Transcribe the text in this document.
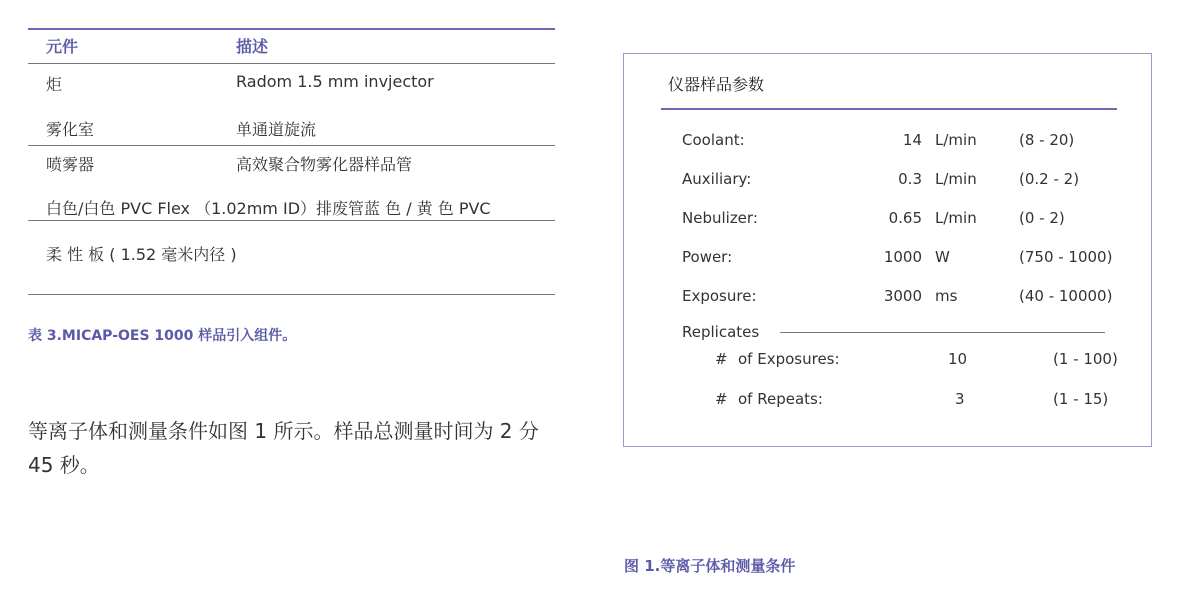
元件	描述
炬	Radom 1.5 mm invjector
雾化室	单通道旋流
喷雾器	高效聚合物雾化器样品管
白色/白色 PVC Flex （1.02mm ID）排废管蓝 色 / 黄 色 PVC
柔 性 板 ( 1.52 毫米内径 )
表 3.MICAP-OES 1000 样品引入组件。
等离子体和测量条件如图 1 所示。样品总测量时间为 2 分 45 秒。
仪器样品参数
Coolant:	14 L/min	(8 - 20)
Auxiliary:	0.3 L/min	(0.2 - 2)
Nebulizer:	0.65 L/min	(0 - 2)
Power:	1000 W	(750 - 1000)
Exposure:	3000 ms	(40 - 10000)
Replicates
# of Exposures:	10	(1 - 100)
# of Repeats:	3	(1 - 15)
图 1.等离子体和测量条件
